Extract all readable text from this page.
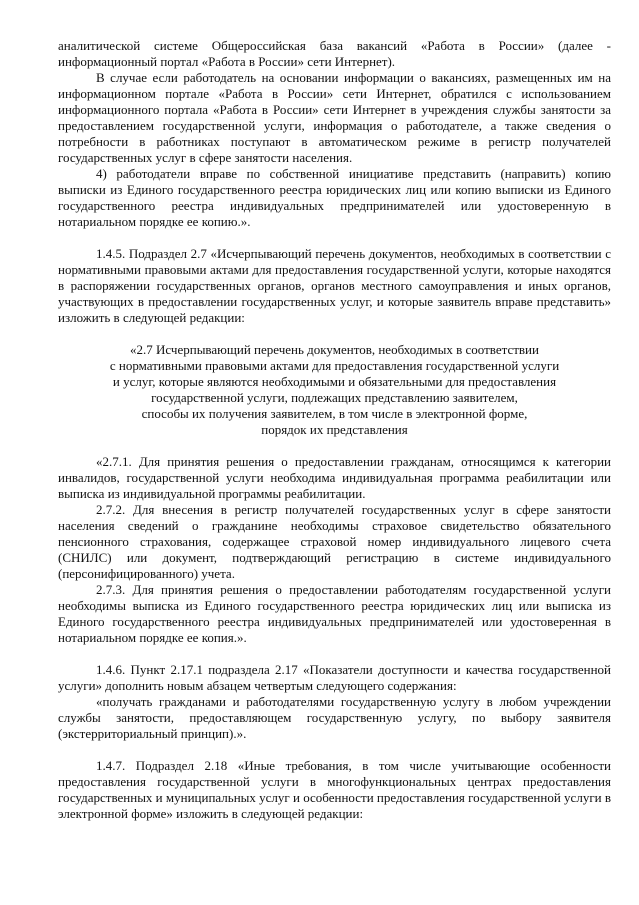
аналитической системе Общероссийская база вакансий «Работа в России» (далее - информационный портал «Работа в России» сети Интернет).

В случае если работодатель на основании информации о вакансиях, размещенных им на информационном портале «Работа в России» сети Интернет, обратился с использованием информационного портала «Работа в России» сети Интернет в учреждения службы занятости за предоставлением государственной услуги, информация о работодателе, а также сведения о потребности в работниках поступают в автоматическом режиме в регистр получателей государственных услуг в сфере занятости населения.

4) работодатели вправе по собственной инициативе представить (направить) копию выписки из Единого государственного реестра юридических лиц или копию выписки из Единого государственного реестра индивидуальных предпринимателей или удостоверенную в нотариальном порядке ее копию.».

1.4.5. Подраздел 2.7 «Исчерпывающий перечень документов, необходимых в соответствии с нормативными правовыми актами для предоставления государственной услуги, которые находятся в распоряжении государственных органов, органов местного самоуправления и иных органов, участвующих в предоставлении государственных услуг, и которые заявитель вправе представить» изложить в следующей редакции:

«2.7 Исчерпывающий перечень документов, необходимых в соответствии

с нормативными правовыми актами для предоставления государственной услуги

и услуг, которые являются необходимыми и обязательными для предоставления

государственной услуги, подлежащих представлению заявителем,

способы их получения заявителем, в том числе в электронной форме,

порядок их представления

«2.7.1. Для принятия решения о предоставлении гражданам, относящимся к категории инвалидов, государственной услуги необходима индивидуальная программа реабилитации или выписка из индивидуальной программы реабилитации.

2.7.2. Для внесения в регистр получателей государственных услуг в сфере занятости населения сведений о гражданине необходимы страховое свидетельство обязательного пенсионного страхования, содержащее страховой номер индивидуального лицевого счета (СНИЛС) или документ, подтверждающий регистрацию в системе индивидуального (персонифицированного) учета.

2.7.3. Для принятия решения о предоставлении работодателям государственной услуги необходимы выписка из Единого государственного реестра юридических лиц или выписка из Единого государственного реестра индивидуальных предпринимателей или удостоверенная в нотариальном порядке ее копия.».

1.4.6. Пункт 2.17.1 подраздела 2.17 «Показатели доступности и качества государственной услуги» дополнить новым абзацем четвертым следующего содержания:

«получать гражданами и работодателями государственную услугу в любом учреждении службы занятости, предоставляющем государственную услугу, по выбору заявителя (экстерриториальный принцип).».

1.4.7. Подраздел 2.18 «Иные требования, в том числе учитывающие особенности предоставления государственной услуги в многофункциональных центрах предоставления государственных и муниципальных услуг и особенности предоставления государственной услуги в электронной форме» изложить в следующей редакции:
